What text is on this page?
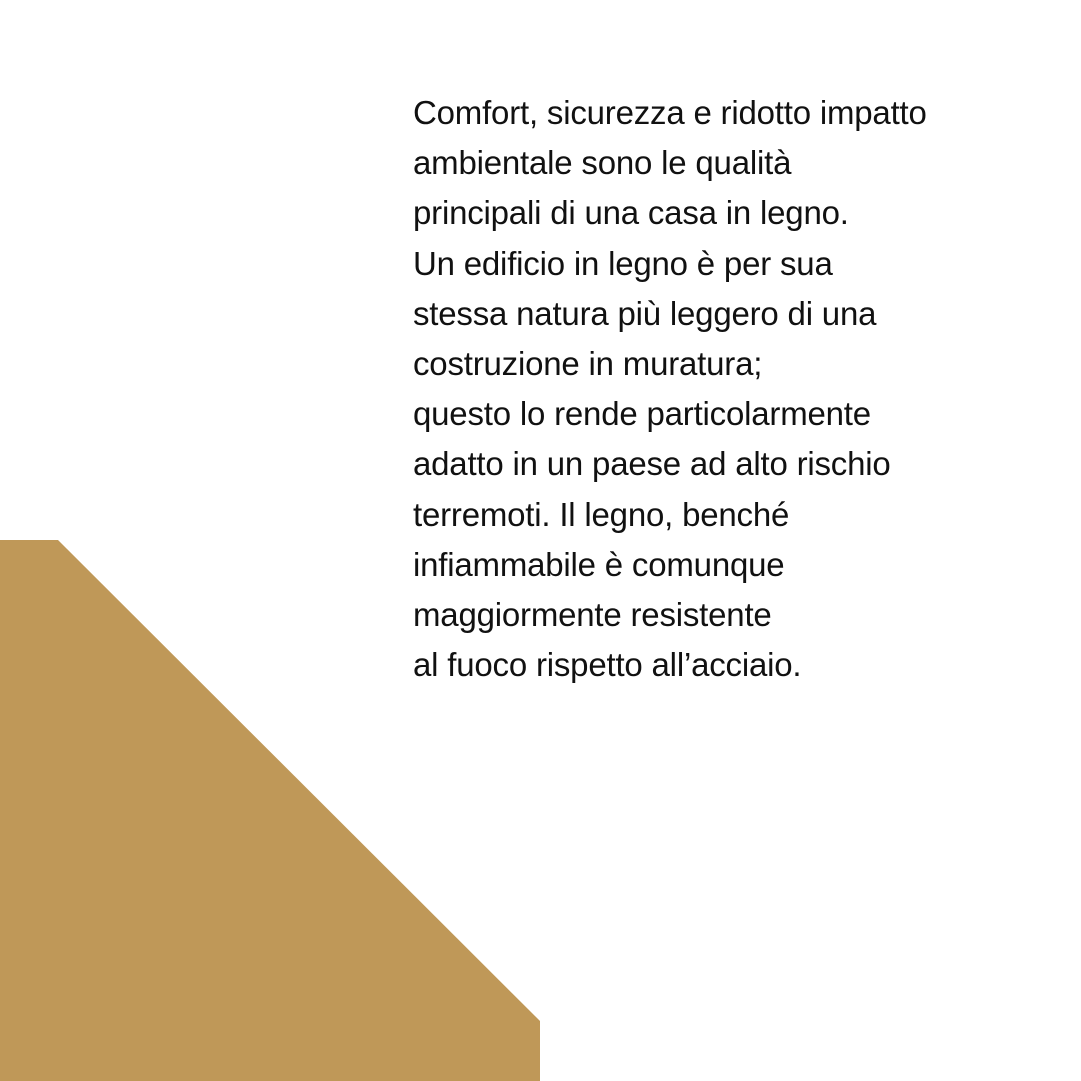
Comfort, sicurezza e ridotto impatto
ambientale sono le qualità
principali di una casa in legno.
Un edificio in legno è per sua
stessa natura più leggero di una
costruzione in muratura;
questo lo rende particolarmente
adatto in un paese ad alto rischio
terremoti. Il legno, benché
infiammabile è comunque
maggiormente resistente
al fuoco rispetto all’acciaio.
